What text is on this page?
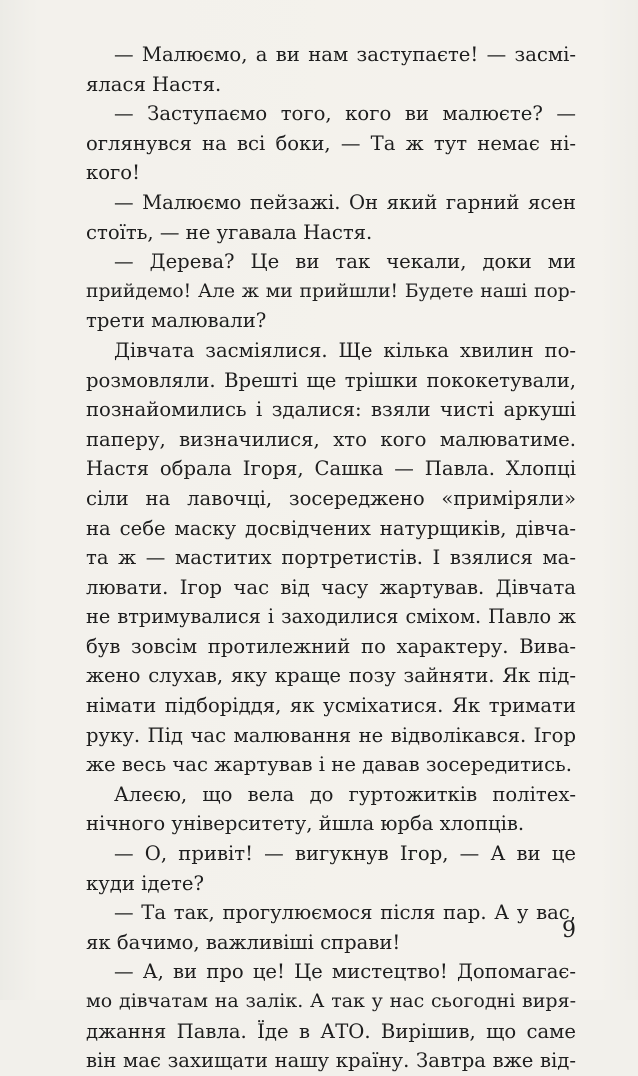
— Малюємо, а ви нам заступаєте! — засмі-
ялася Настя.
— Заступаємо того, кого ви малюєте? —
оглянувся на всі боки, — Та ж тут немає ні-
кого!
— Малюємо пейзажі. Он який гарний ясен
стоїть, — не угавала Настя.
— Дерева? Це ви так чекали, доки ми
прийдемо! Але ж ми прийшли! Будете наші пор-
трети малювали?
Дівчата засміялися. Ще кілька хвилин по-
розмовляли. Врешті ще трішки пококетували,
познайомились і здалися: взяли чисті аркуші
паперу, визначилися, хто кого малюватиме.
Настя обрала Ігоря, Сашка — Павла. Хлопці
сіли на лавочці, зосереджено «приміряли»
на себе маску досвідчених натурщиків, дівча-
та ж — маститих портретистів. І взялися ма-
лювати. Ігор час від часу жартував. Дівчата
не втримувалися і заходилися сміхом. Павло ж
був зовсім протилежний по характеру. Вива-
жено слухав, яку краще позу зайняти. Як під-
німати підборіддя, як усміхатися. Як тримати
руку. Під час малювання не відволікався. Ігор
же весь час жартував і не давав зосередитись.
Алеєю, що вела до гуртожитків політех-
нічного університету, йшла юрба хлопців.
— О, привіт! — вигукнув Ігор, — А ви це
куди ідете?
— Та так, прогулюємося після пар. А у вас,
як бачимо, важливіші справи!
— А, ви про це! Це мистецтво! Допомагає-
мо дівчатам на залік. А так у нас сьогодні виря-
джання Павла. Їде в АТО. Вирішив, що саме
він має захищати нашу країну. Завтра вже від-
9
